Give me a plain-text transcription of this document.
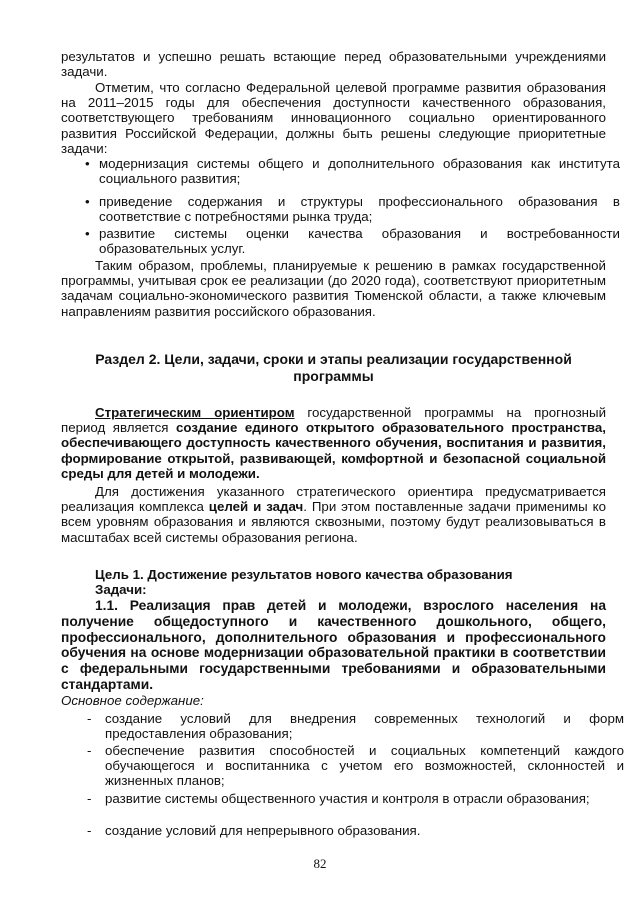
результатов и успешно решать встающие перед образовательными учреждениями задачи.

Отметим, что согласно Федеральной целевой программе развития образования на 2011–2015 годы для обеспечения доступности качественного образования, соответствующего требованиям инновационного социально ориентированного развития Российской Федерации, должны быть решены следующие приоритетные задачи:

• модернизация системы общего и дополнительного образования как института социального развития;

• приведение содержания и структуры профессионального образования в соответствие с потребностями рынка труда;

• развитие системы оценки качества образования и востребованности образовательных услуг.

Таким образом, проблемы, планируемые к решению в рамках государственной программы, учитывая срок ее реализации (до 2020 года), соответствуют приоритетным задачам социально-экономического развития Тюменской области, а также ключевым направлениям развития российского образования.

Раздел 2. Цели, задачи, сроки и этапы реализации государственной программы

Стратегическим ориентиром государственной программы на прогнозный период является создание единого открытого образовательного пространства, обеспечивающего доступность качественного обучения, воспитания и развития, формирование открытой, развивающей, комфортной и безопасной социальной среды для детей и молодежи.

Для достижения указанного стратегического ориентира предусматривается реализация комплекса целей и задач. При этом поставленные задачи применимы ко всем уровням образования и являются сквозными, поэтому будут реализовываться в масштабах всей системы образования региона.

Цель 1. Достижение результатов нового качества образования

Задачи:

1.1. Реализация прав детей и молодежи, взрослого населения на получение общедоступного и качественного дошкольного, общего, профессионального, дополнительного образования и профессионального обучения на основе модернизации образовательной практики в соответствии с федеральными государственными требованиями и образовательными стандартами.

Основное содержание:

- создание условий для внедрения современных технологий и форм предоставления образования;

- обеспечение развития способностей и социальных компетенций каждого обучающегося и воспитанника с учетом его возможностей, склонностей и жизненных планов;

- развитие системы общественного участия и контроля в отрасли образования;

- создание условий для непрерывного образования.

82
